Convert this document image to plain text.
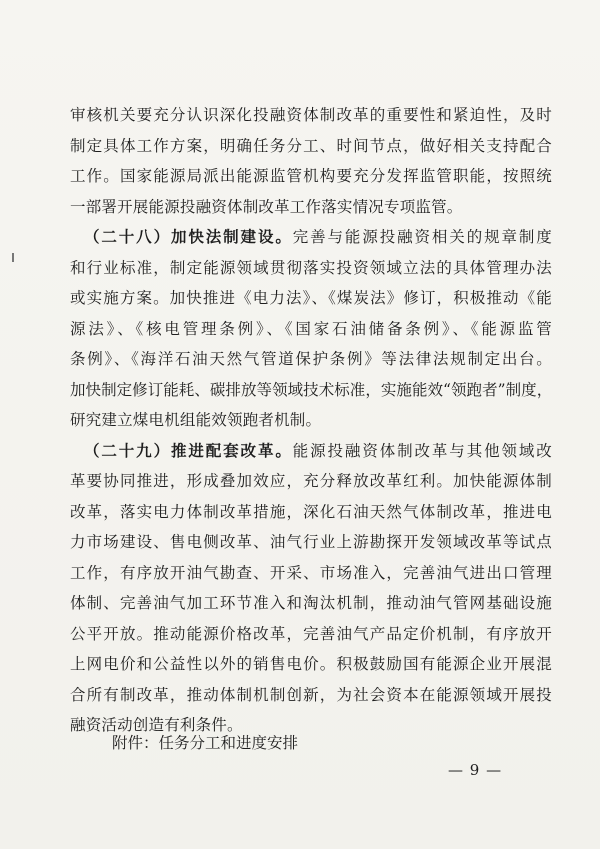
审核机关要充分认识深化投融资体制改革的重要性和紧迫性，及时
制定具体工作方案，明确任务分工、时间节点，做好相关支持配合
工作。国家能源局派出能源监管机构要充分发挥监管职能，按照统
一部署开展能源投融资体制改革工作落实情况专项监管。
（二十八）加快法制建设。完善与能源投融资相关的规章制度
和行业标准，制定能源领域贯彻落实投资领域立法的具体管理办法
或实施方案。加快推进《电力法》、《煤炭法》修订，积极推动《能
源法》、《核电管理条例》、《国家石油储备条例》、《能源监管
条例》、《海洋石油天然气管道保护条例》等法律法规制定出台。
加快制定修订能耗、碳排放等领域技术标准，实施能效“领跑者”制度，
研究建立煤电机组能效领跑者机制。
（二十九）推进配套改革。能源投融资体制改革与其他领域改
革要协同推进，形成叠加效应，充分释放改革红利。加快能源体制
改革，落实电力体制改革措施，深化石油天然气体制改革，推进电
力市场建设、售电侧改革、油气行业上游勘探开发领域改革等试点
工作，有序放开油气勘查、开采、市场准入，完善油气进出口管理
体制、完善油气加工环节准入和淘汰机制，推动油气管网基础设施
公平开放。推动能源价格改革，完善油气产品定价机制，有序放开
上网电价和公益性以外的销售电价。积极鼓励国有能源企业开展混
合所有制改革，推动体制机制创新，为社会资本在能源领域开展投
融资活动创造有利条件。
附件：任务分工和进度安排
— 9 —
